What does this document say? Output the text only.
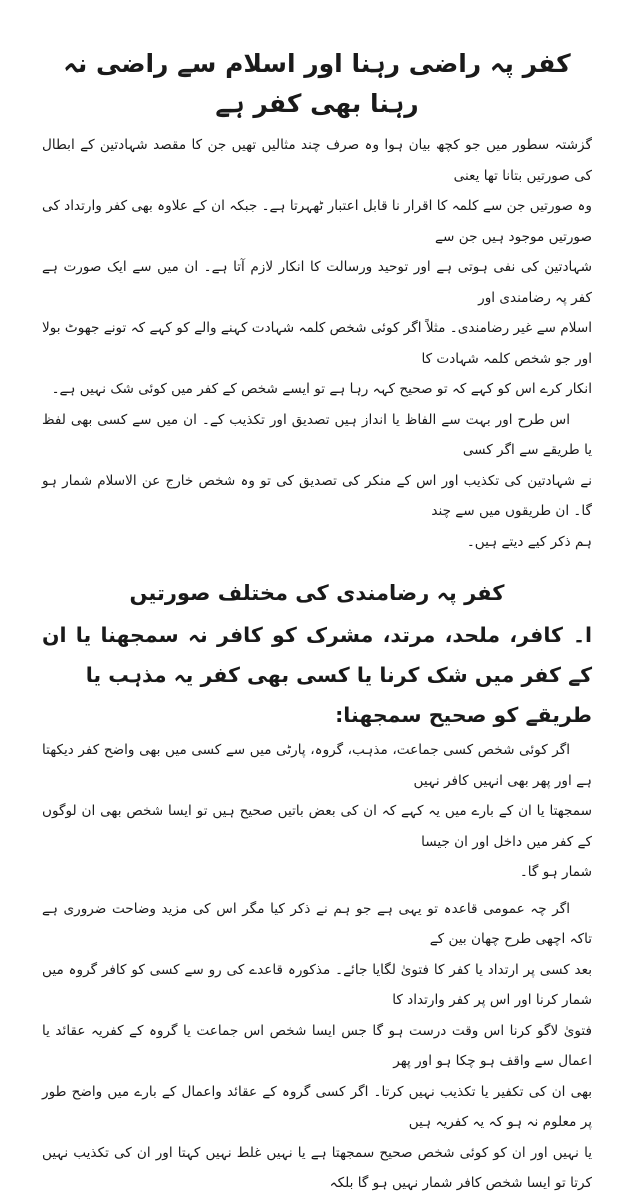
کفر پہ راضی رہنا اور اسلام سے راضی نہ رہنا بھی کفر ہے

گزشتہ سطور میں جو کچھ بیان ہوا وہ صرف چند مثالیں تھیں جن کا مقصد شہادتین کے ابطال کی صورتیں بتانا تھا یعنی

وہ صورتیں جن سے کلمہ کا اقرار نا قابل اعتبار ٹھہرتا ہے۔ جبکہ ان کے علاوہ بھی کفر وارتداد کی صورتیں موجود ہیں جن سے

شہادتین کی نفی ہوتی ہے اور توحید ورسالت کا انکار لازم آتا ہے۔ ان میں سے ایک صورت ہے کفر پہ رضامندی اور

اسلام سے غیر رضامندی۔ مثلاً اگر کوئی شخص کلمہ شہادت کہنے والے کو کہے کہ تونے جھوٹ بولا اور جو شخص کلمہ شہادت کا

انکار کرے اس کو کہے کہ تو صحیح کہہ رہا ہے تو ایسے شخص کے کفر میں کوئی شک نہیں ہے۔

اس طرح اور بہت سے الفاظ یا انداز ہیں تصدیق اور تکذیب کے۔ ان میں سے کسی بھی لفظ یا طریقے سے اگر کسی

نے شہادتین کی تکذیب اور اس کے منکر کی تصدیق کی تو وہ شخص خارج عن الاسلام شمار ہو گا۔ ان طریقوں میں سے چند

ہم ذکر کیے دیتے ہیں۔

کفر پہ رضامندی کی مختلف صورتیں
ا۔کافر، ملحد، مرتد، مشرک کو کافر نہ سمجھنا یا ان کے کفر میں شک کرنا یا کسی بھی کفر یہ مذہب یا
طریقے کو صحیح سمجھنا:

اگر کوئی شخص کسی جماعت، مذہب، گروہ، پارٹی میں سے کسی میں بھی واضح کفر دیکھتا ہے اور پھر بھی انہیں کافر نہیں

سمجھتا یا ان کے بارے میں یہ کہے کہ ان کی بعض باتیں صحیح ہیں تو ایسا شخص بھی ان لوگوں کے کفر میں داخل اور ان جیسا

شمار ہو گا۔

اگر چہ عمومی قاعدہ تو یہی ہے جو ہم نے ذکر کیا مگر اس کی مزید وضاحت ضروری ہے تاکہ اچھی طرح چھان بین کے

بعد کسی پر ارتداد یا کفر کا فتویٰ لگایا جائے۔ مذکورہ قاعدے کی رو سے کسی کو کافر گروہ میں شمار کرنا اور اس پر کفر وارتداد کا

فتویٰ لاگو کرنا اس وقت درست ہو گا جس ایسا شخص اس جماعت یا گروہ کے کفریہ عقائد یا اعمال سے واقف ہو چکا ہو اور پھر

بھی ان کی تکفیر یا تکذیب نہیں کرتا۔ اگر کسی گروہ کے عقائد واعمال کے بارے میں واضح طور پر معلوم نہ ہو کہ یہ کفریہ ہیں

یا نہیں اور ان کو کوئی شخص صحیح سمجھتا ہے یا نہیں غلط نہیں کہتا اور ان کی تکذیب نہیں کرتا تو ایسا شخص کافر شمار نہیں ہو گا بلکہ
